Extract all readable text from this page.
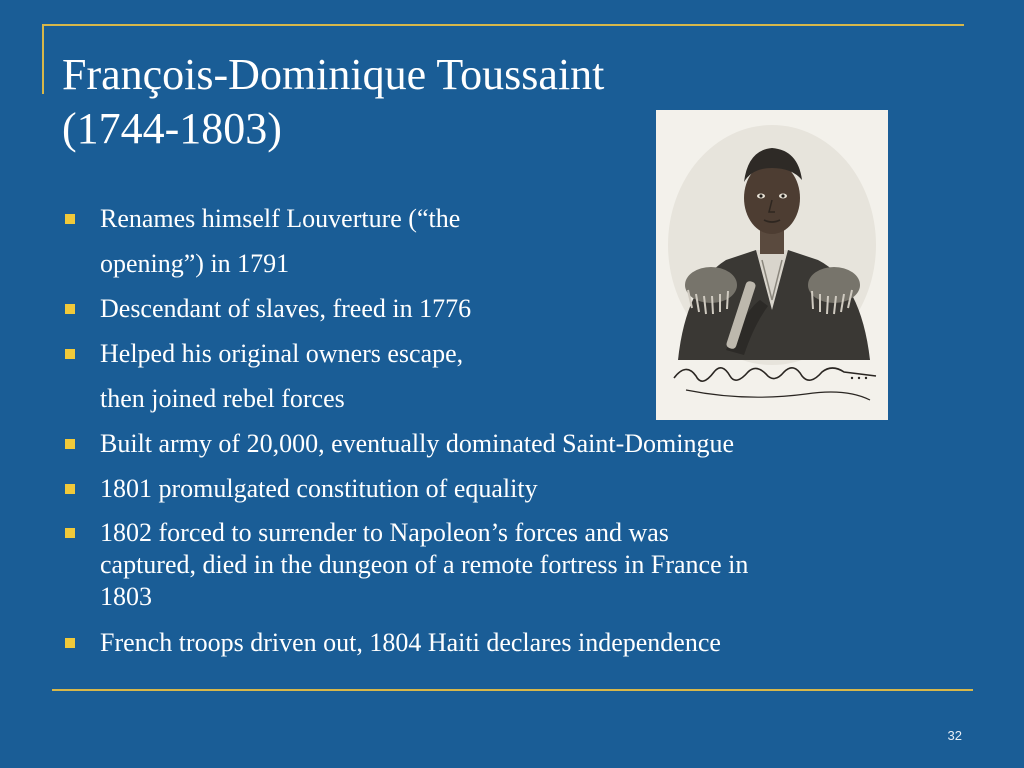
François-Dominique Toussaint
(1744-1803)
Renames himself Louverture (“the
opening”) in 1791
Descendant of slaves, freed in 1776
Helped his original owners escape,
then joined rebel forces
Built army of 20,000, eventually dominated Saint-Domingue
1801 promulgated constitution of equality
1802 forced to surrender to Napoleon’s forces and was
captured, died in the dungeon of a remote fortress in France in
1803
French troops driven out, 1804 Haiti declares independence
32
